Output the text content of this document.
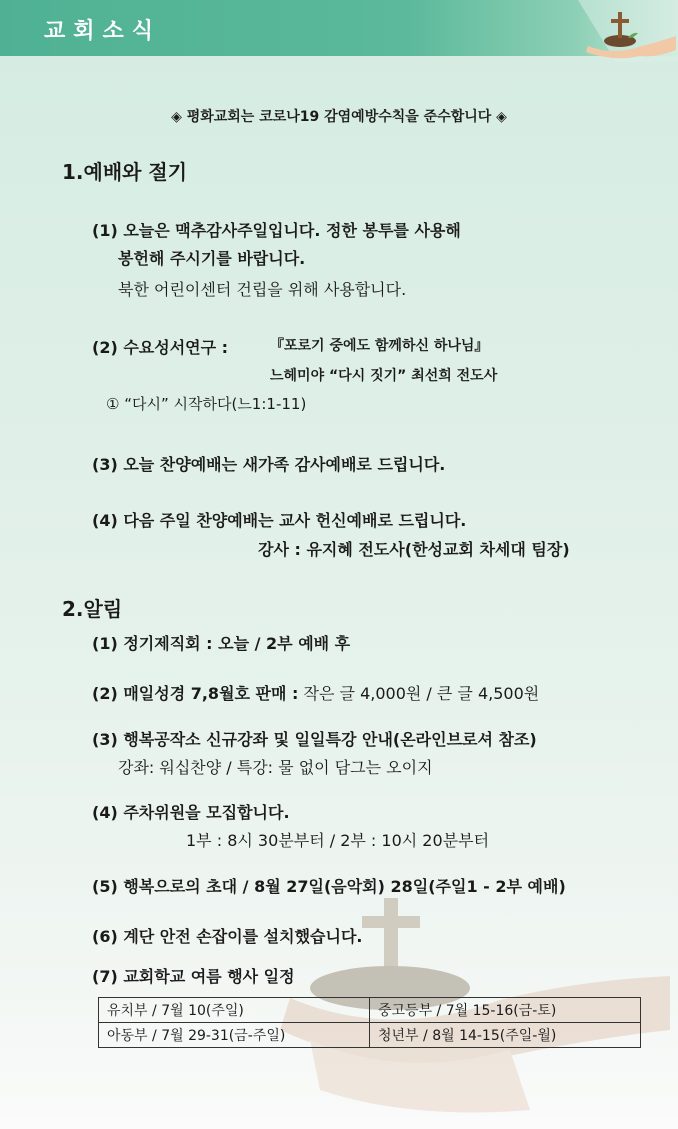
교회소식
◈ 평화교회는 코로나19 감염예방수칙을 준수합니다 ◈
1.예배와 절기
(1) 오늘은 맥추감사주일입니다. 정한 봉투를 사용해
봉헌해 주시기를 바랍니다.
북한 어린이센터 건립을 위해 사용합니다.
(2) 수요성서연구 :	『포로기 중에도 함께하신 하나님』
느헤미야 “다시 짓기” 최선희 전도사
① “다시” 시작하다(느1:1-11)
(3) 오늘 찬양예배는 새가족 감사예배로 드립니다.
(4) 다음 주일 찬양예배는 교사 헌신예배로 드립니다.
강사 : 유지혜 전도사(한성교회 차세대 팀장)
2.알림
(1) 정기제직회 : 오늘 / 2부 예배 후
(2) 매일성경 7,8월호 판매 : 작은 글 4,000원 / 큰 글 4,500원
(3) 행복공작소 신규강좌 및 일일특강 안내(온라인브로셔 참조)
강좌: 워십찬양 / 특강: 물 없이 담그는 오이지
(4) 주차위원을 모집합니다.
1부 : 8시 30분부터 / 2부 : 10시 20분부터
(5) 행복으로의 초대 / 8월 27일(음악회) 28일(주일1 - 2부 예배)
(6) 계단 안전 손잡이를 설치했습니다.
(7) 교회학교 여름 행사 일정
유치부 / 7월 10(주일)	중고등부 / 7월 15-16(금-토)
아동부 / 7월 29-31(금-주일)	청년부 / 8월 14-15(주일-월)
